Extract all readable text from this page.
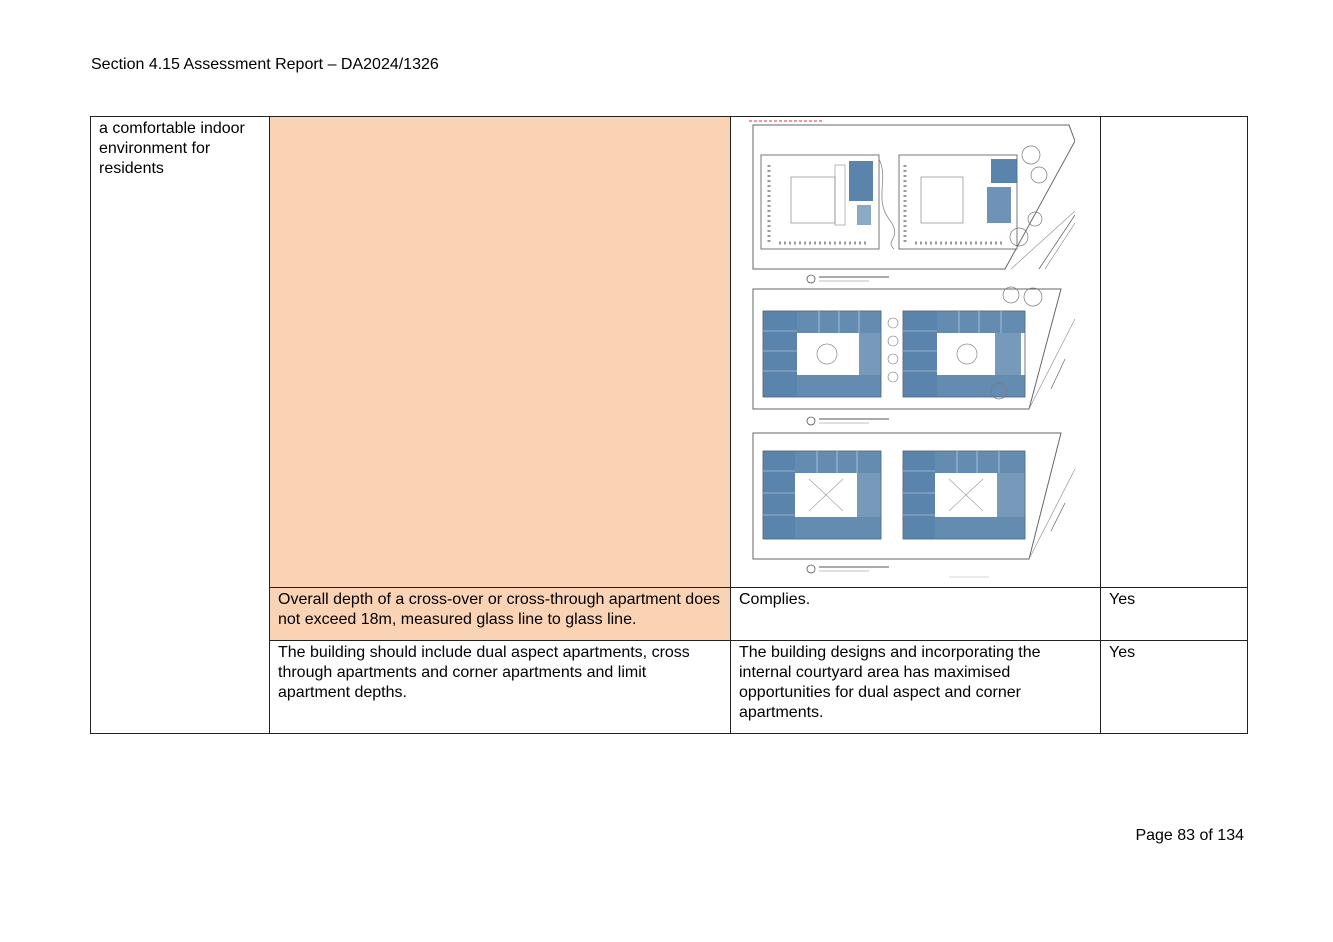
Section 4.15 Assessment Report – DA2024/1326
a comfortable indoor environment for residents		

	Overall depth of a cross-over or cross-through apartment does not exceed 18m, measured glass line to glass line.	Complies.	Yes
	The building should include dual aspect apartments, cross through apartments and corner apartments and limit apartment depths.	The building designs and incorporating the internal courtyard area has maximised opportunities for dual aspect and corner apartments.	Yes
Page 83 of 134
